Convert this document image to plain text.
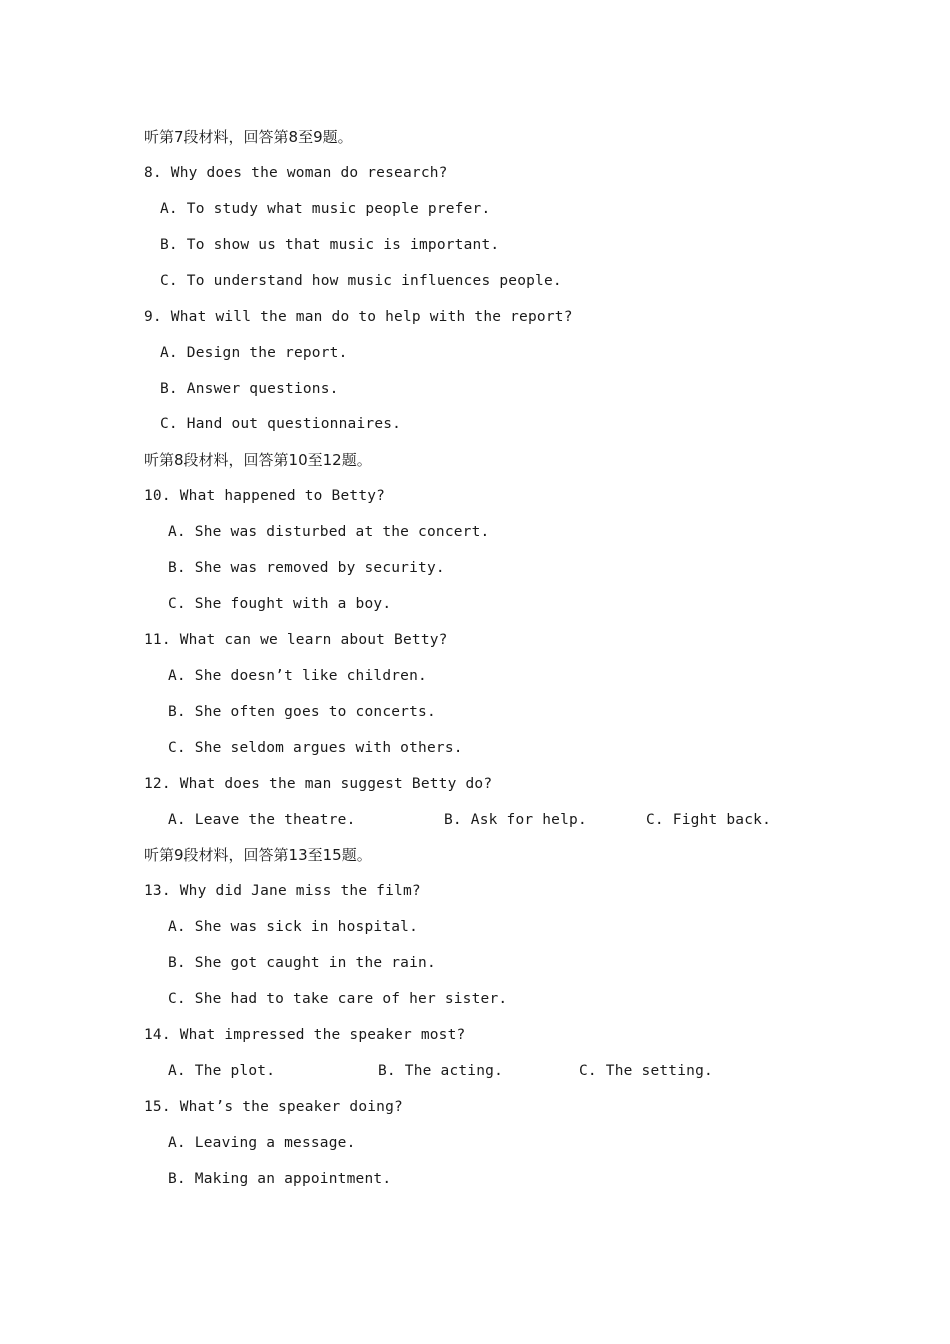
听第7段材料，回答第8至9题。
8. Why does the woman do research?
A. To study what music people prefer.
B. To show us that music is important.
C. To understand how music influences people.
9. What will the man do to help with the report?
A. Design the report.
B. Answer questions.
C. Hand out questionnaires.
听第8段材料，回答第10至12题。
10. What happened to Betty?
A. She was disturbed at the concert.
B. She was removed by security.
C. She fought with a boy.
11. What can we learn about Betty?
A. She doesn’t like children.
B. She often goes to concerts.
C. She seldom argues with others.
12. What does the man suggest Betty do?
A. Leave the theatre.	B. Ask for help.	C. Fight back.
听第9段材料，回答第13至15题。
13. Why did Jane miss the film?
A. She was sick in hospital.
B. She got caught in the rain.
C. She had to take care of her sister.
14. What impressed the speaker most?
A. The plot.	B. The acting.	C. The setting.
15. What’s the speaker doing?
A. Leaving a message.
B. Making an appointment.
